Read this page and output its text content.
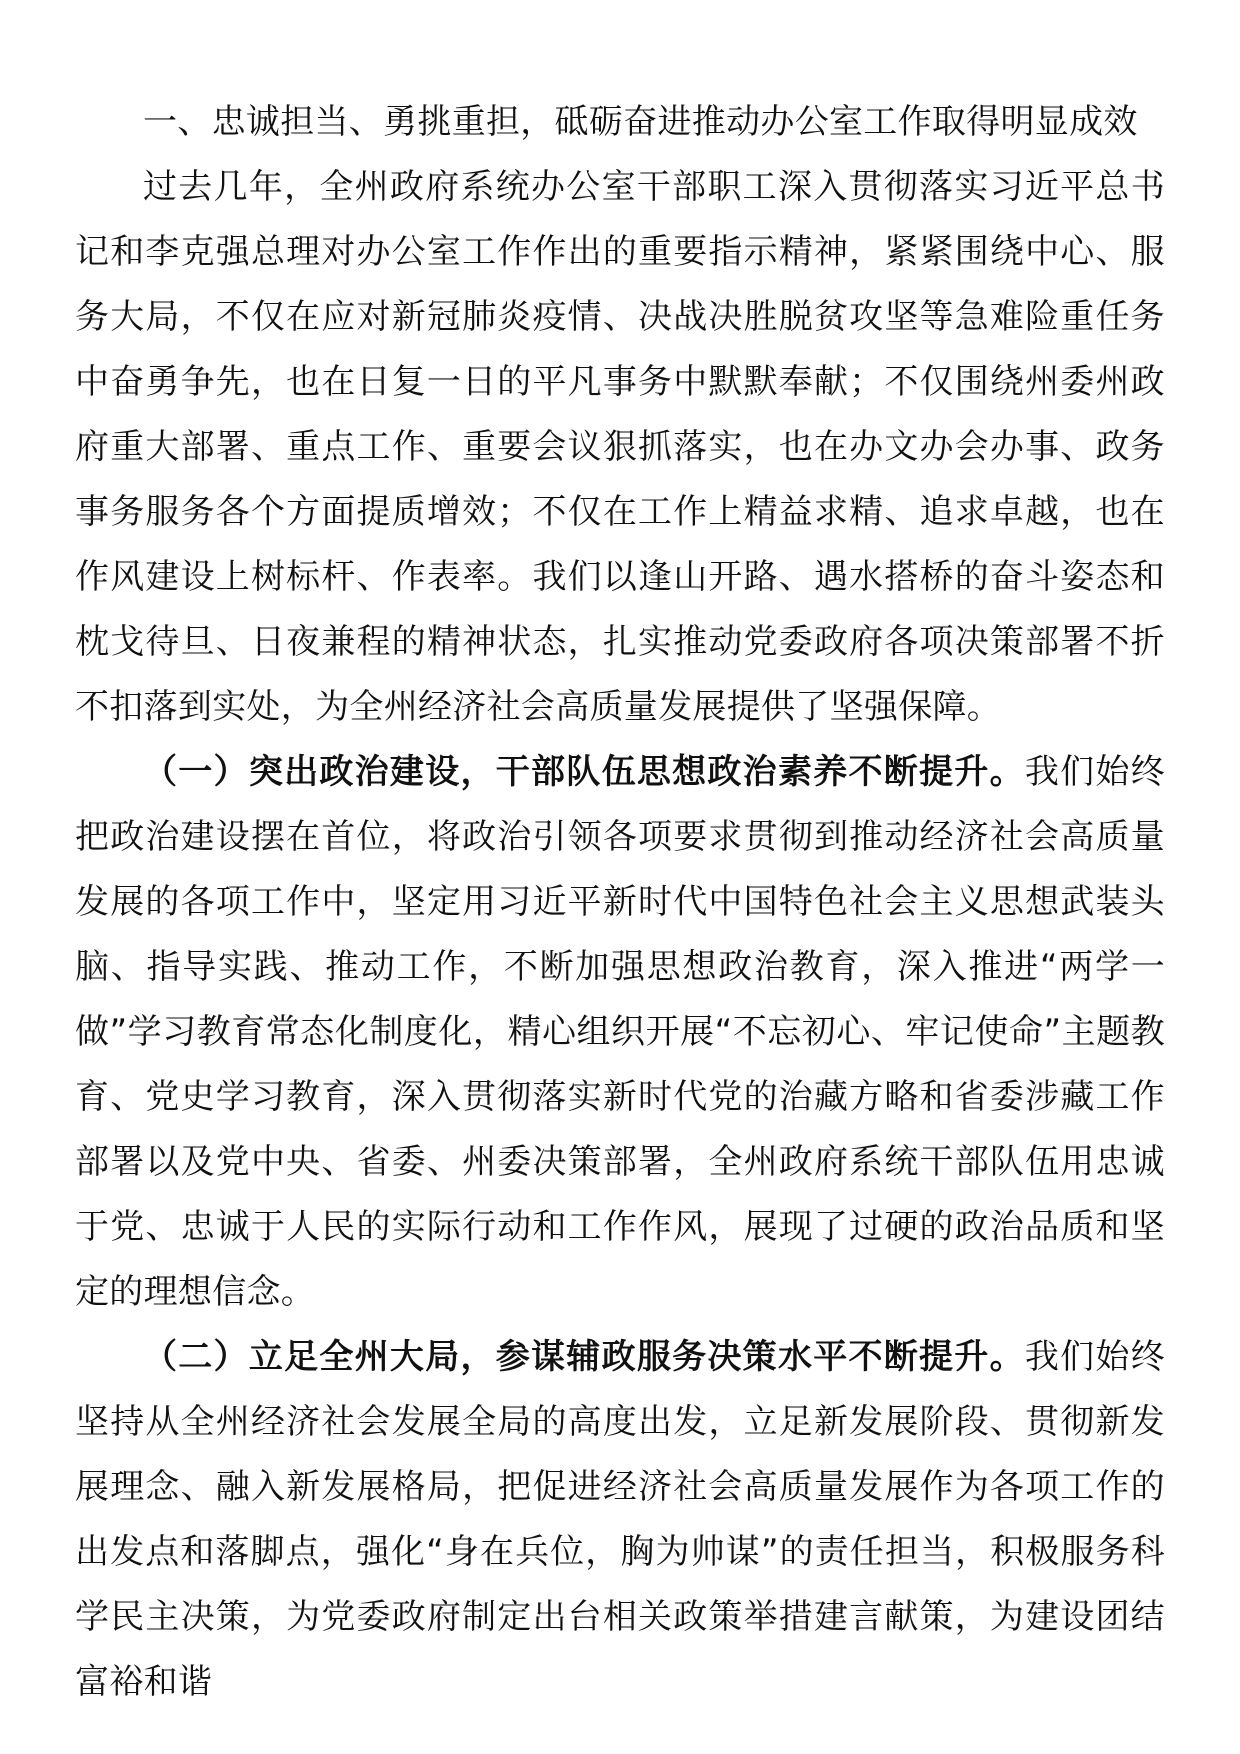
一、忠诚担当、勇挑重担，砥砺奋进推动办公室工作取得明显成效

过去几年，全州政府系统办公室干部职工深入贯彻落实习近平总书记和李克强总理对办公室工作作出的重要指示精神，紧紧围绕中心、服务大局，不仅在应对新冠肺炎疫情、决战决胜脱贫攻坚等急难险重任务中奋勇争先，也在日复一日的平凡事务中默默奉献；不仅围绕州委州政府重大部署、重点工作、重要会议狠抓落实，也在办文办会办事、政务事务服务各个方面提质增效；不仅在工作上精益求精、追求卓越，也在作风建设上树标杆、作表率。我们以逢山开路、遇水搭桥的奋斗姿态和枕戈待旦、日夜兼程的精神状态，扎实推动党委政府各项决策部署不折不扣落到实处，为全州经济社会高质量发展提供了坚强保障。

（一）突出政治建设，干部队伍思想政治素养不断提升。我们始终把政治建设摆在首位，将政治引领各项要求贯彻到推动经济社会高质量发展的各项工作中，坚定用习近平新时代中国特色社会主义思想武装头脑、指导实践、推动工作，不断加强思想政治教育，深入推进“两学一做”学习教育常态化制度化，精心组织开展“不忘初心、牢记使命”主题教育、党史学习教育，深入贯彻落实新时代党的治藏方略和省委涉藏工作部署以及党中央、省委、州委决策部署，全州政府系统干部队伍用忠诚于党、忠诚于人民的实际行动和工作作风，展现了过硬的政治品质和坚定的理想信念。

（二）立足全州大局，参谋辅政服务决策水平不断提升。我们始终坚持从全州经济社会发展全局的高度出发，立足新发展阶段、贯彻新发展理念、融入新发展格局，把促进经济社会高质量发展作为各项工作的出发点和落脚点，强化“身在兵位，胸为帅谋”的责任担当，积极服务科学民主决策，为党委政府制定出台相关政策举措建言献策，为建设团结富裕和谐
